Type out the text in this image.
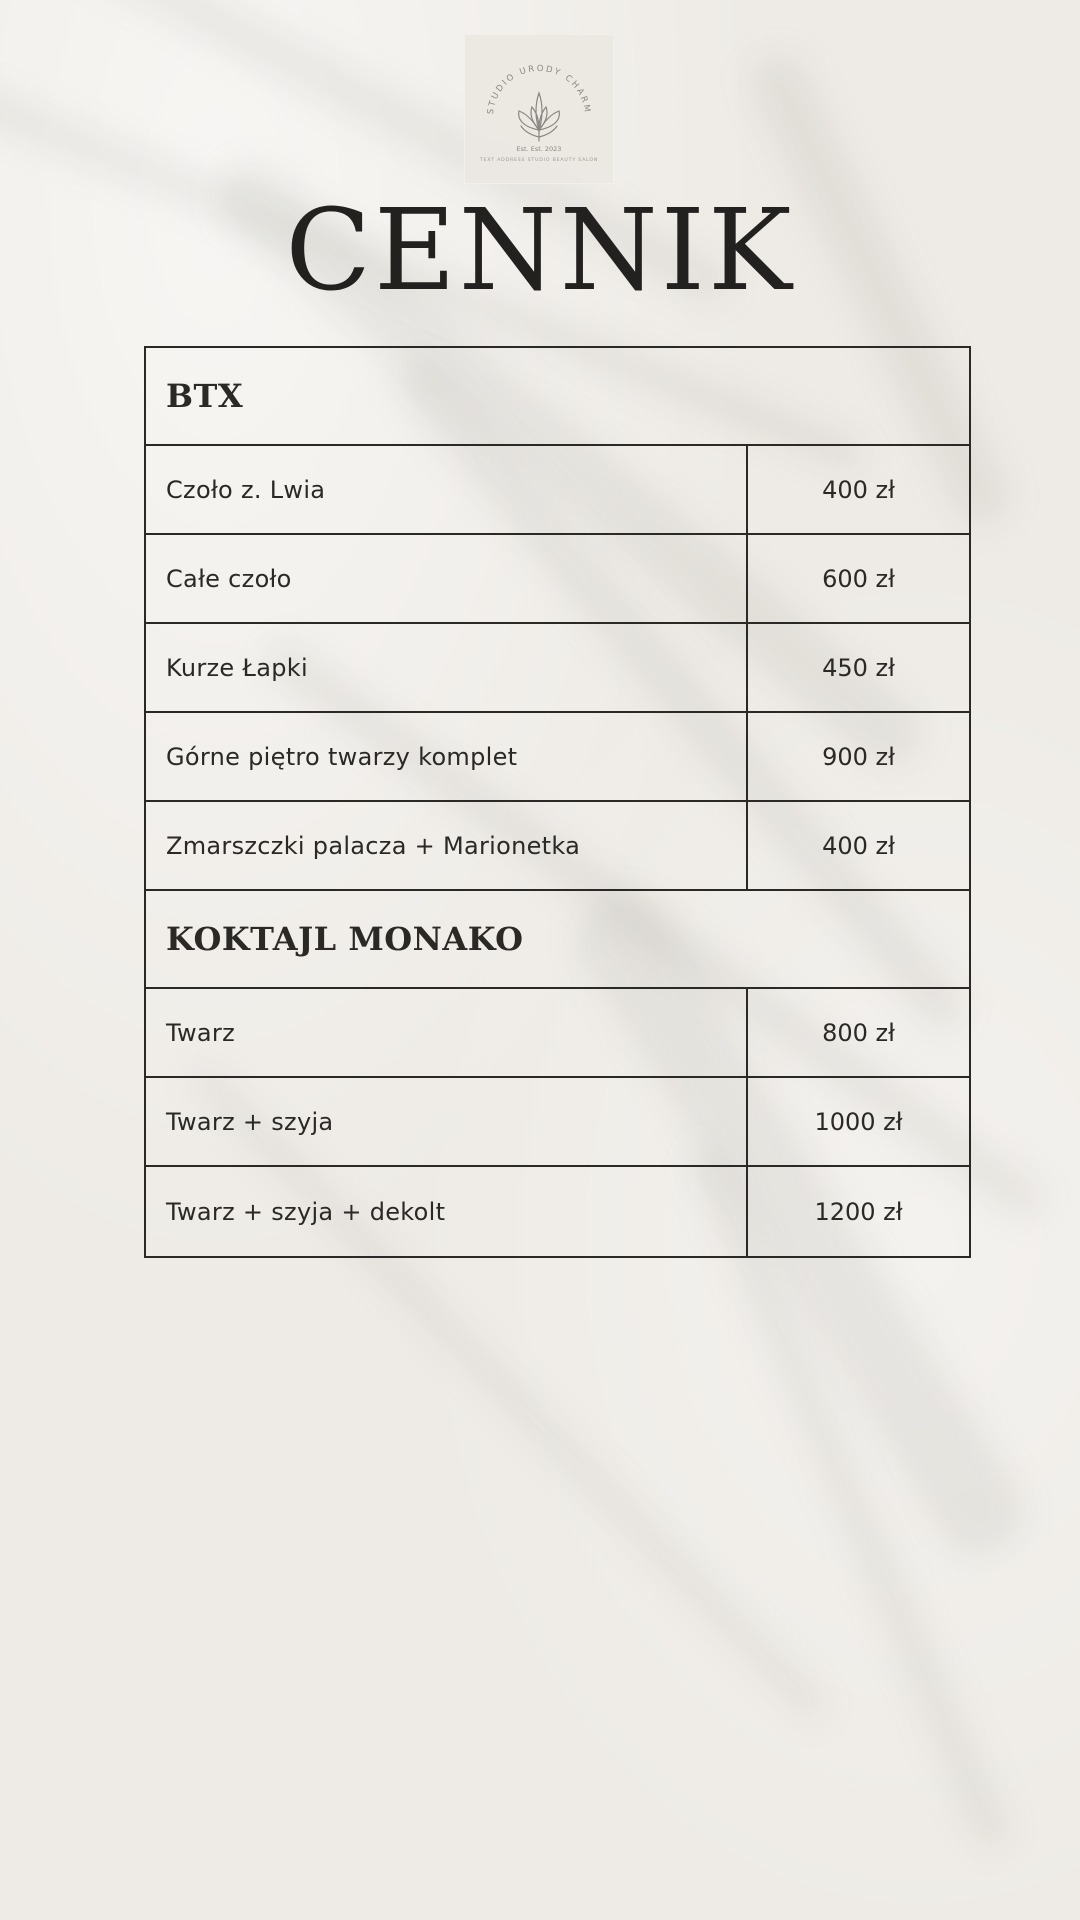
STUDIO URODY CHARM
Est. Est. 2023
TEXT ADDRESS STUDIO BEAUTY SALON
CENNIK
BTX
Czoło z. Lwia	400 zł
Całe czoło	600 zł
Kurze Łapki	450 zł
Górne piętro twarzy komplet	900 zł
Zmarszczki palacza + Marionetka	400 zł
KOKTAJL MONAKO
Twarz	800 zł
Twarz + szyja	1000 zł
Twarz + szyja + dekolt	1200 zł
